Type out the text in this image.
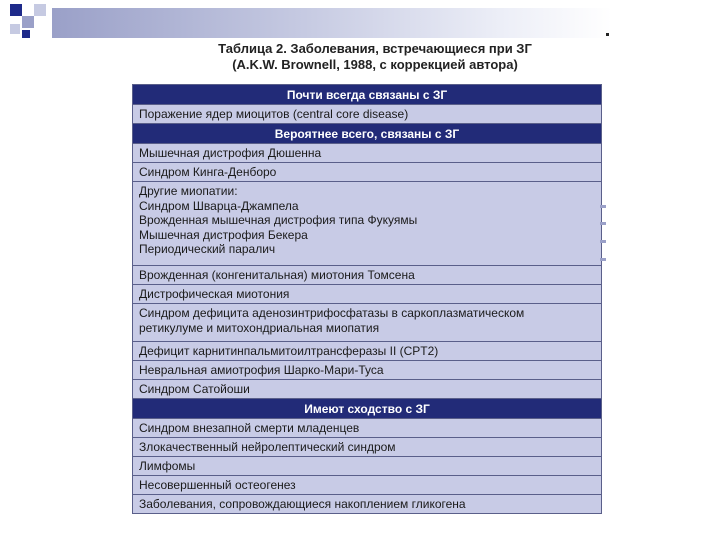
Таблица 2. Заболевания, встречающиеся при ЗГ
(A.K.W. Brownell, 1988, с коррекцией автора)
Почти всегда связаны с ЗГ
Поражение ядер миоцитов (central core disease)
Вероятнее всего, связаны с ЗГ
Мышечная дистрофия Дюшенна
Синдром Кинга-Денборо
Другие миопатии:
Синдром Шварца-Джампела
Врожденная мышечная дистрофия типа Фукуямы
Мышечная дистрофия Бекера
Периодический паралич
Врожденная (конгенитальная) миотония Томсена
Дистрофическая миотония
Синдром дефицита аденозинтрифосфатазы в саркоплазматическом
ретикулуме и митохондриальная миопатия
Дефицит карнитинпальмитоилтрансферазы II (CPT2)
Невральная амиотрофия Шарко-Мари-Туса
Синдром Сатойоши
Имеют сходство с ЗГ
Синдром внезапной смерти младенцев
Злокачественный нейролептический синдром
Лимфомы
Несовершенный остеогенез
Заболевания, сопровождающиеся накоплением гликогена
